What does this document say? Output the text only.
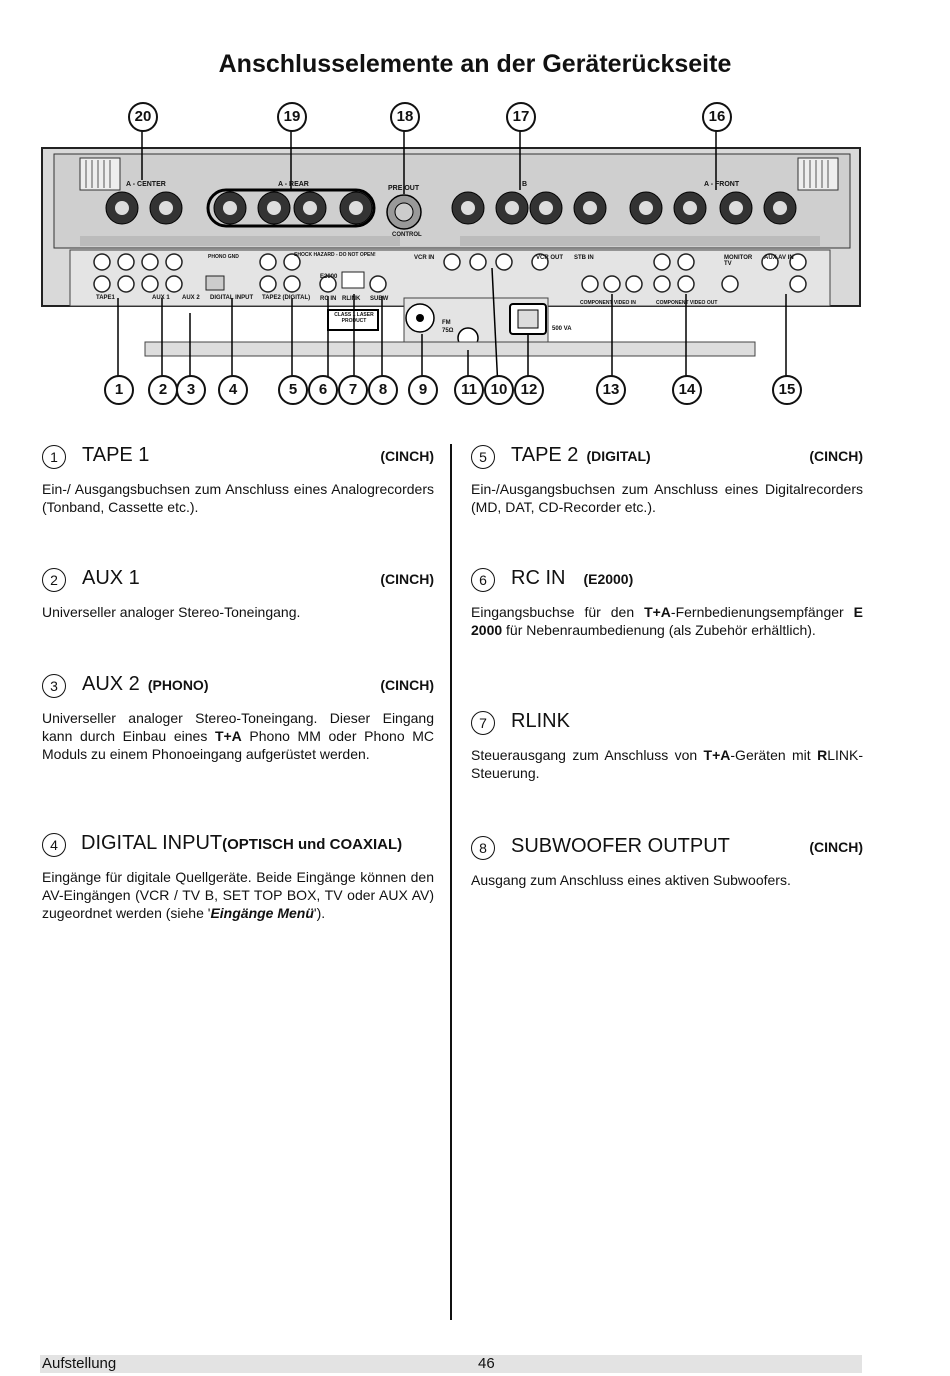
Anschlusselemente an der Geräterückseite
A - CENTER	A - REAR
PRE OUT
CONTROL
B	A - FRONT
TAPE1	AUX 1 AUX 2
PHONO GND
DIGITAL INPUT TAPE2 (DIGITAL)
E2000
RC IN RLINK SUBW
SHOCK HAZARD - DO NOT OPEN!
CLASS 1 LASER PRODUCT
VCR IN	VCR OUT STB IN	MONITOR TV
AUX AV IN
COMPONENT VIDEO IN	COMPONENT VIDEO OUT
FM
75Ω	500 VA
20	19	18	17	16
1	2	3	4	5	6	7	8	9	11 10 12	13	14	15
1	TAPE 1	(CINCH)
Ein-/ Ausgangsbuchsen zum Anschluss eines Analogrecorders (Tonband, Cassette etc.).
2	AUX 1	(CINCH)
Universeller analoger Stereo-Toneingang.
3	AUX 2 (PHONO)	(CINCH)
Universeller analoger Stereo-Toneingang. Dieser Eingang kann durch Einbau eines T+A Phono MM oder Phono MC Moduls zu einem Phonoeingang aufgerüstet werden.
4	DIGITAL INPUT(OPTISCH und COAXIAL)
Eingänge für digitale Quellgeräte. Beide Eingänge können den AV-Eingängen (VCR / TV B, SET TOP BOX, TV oder AUX AV) zugeordnet werden (siehe 'Eingänge Menü').
5	TAPE 2 (DIGITAL)	(CINCH)
Ein-/Ausgangsbuchsen zum Anschluss eines Digitalrecorders (MD, DAT, CD-Recorder etc.).
6	RC IN (E2000)
Eingangsbuchse für den T+A-Fernbedienungsempfänger E 2000 für Nebenraumbedienung (als Zubehör erhältlich).
7	RLINK
Steuerausgang zum Anschluss von T+A-Geräten mit RLINK-Steuerung.
8	SUBWOOFER OUTPUT	(CINCH)
Ausgang zum Anschluss eines aktiven Subwoofers.
Aufstellung	46
